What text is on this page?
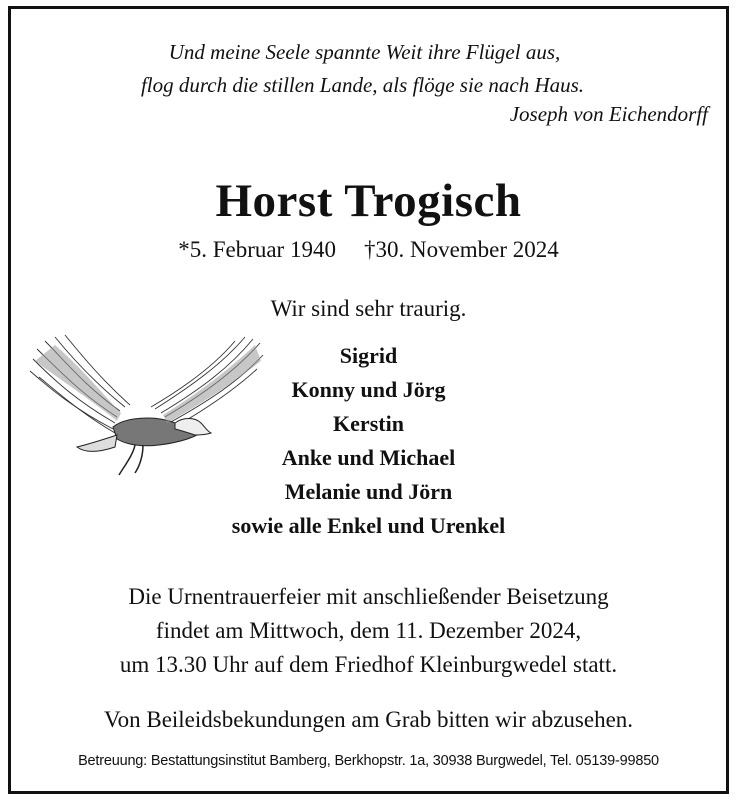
Und meine Seele spannte Weit ihre Flügel aus,
flog durch die stillen Lande, als flöge sie nach Haus.
Joseph von Eichendorff
Horst Trogisch
*5. Februar 1940 †30. November 2024
Wir sind sehr traurig.
Sigrid
Konny und Jörg
Kerstin
Anke und Michael
Melanie und Jörn
sowie alle Enkel und Urenkel
Die Urnentrauerfeier mit anschließender Beisetzung
findet am Mittwoch, dem 11. Dezember 2024,
um 13.30 Uhr auf dem Friedhof Kleinburgwedel statt.
Von Beileidsbekundungen am Grab bitten wir abzusehen.
Betreuung: Bestattungsinstitut Bamberg, Berkhopstr. 1a, 30938 Burgwedel, Tel. 05139-99850
